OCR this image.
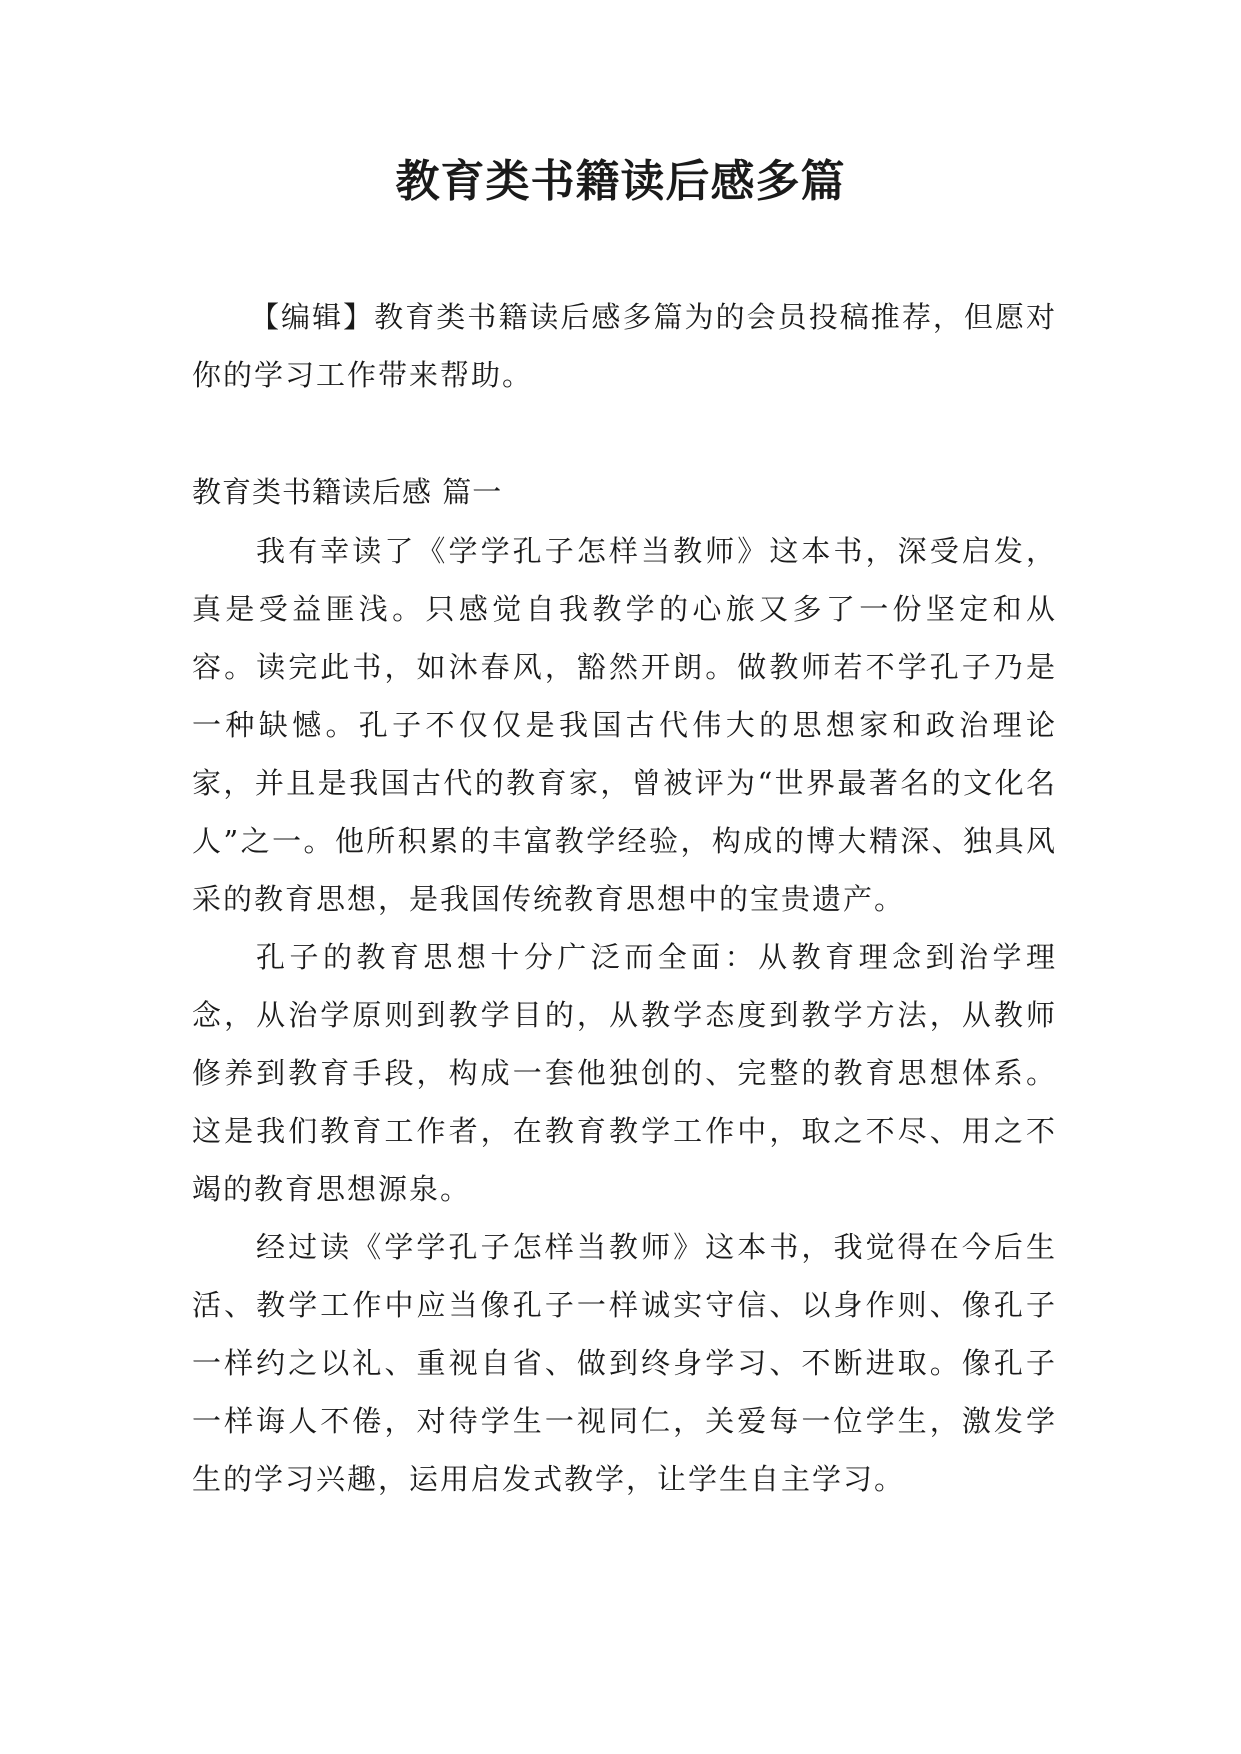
教育类书籍读后感多篇
【编辑】教育类书籍读后感多篇为的会员投稿推荐，但愿对你的学习工作带来帮助。
教育类书籍读后感 篇一

我有幸读了《学学孔子怎样当教师》这本书，深受启发，真是受益匪浅。只感觉自我教学的心旅又多了一份坚定和从容。读完此书，如沐春风，豁然开朗。做教师若不学孔子乃是一种缺憾。孔子不仅仅是我国古代伟大的思想家和政治理论家，并且是我国古代的教育家，曾被评为“世界最著名的文化名人”之一。他所积累的丰富教学经验，构成的博大精深、独具风采的教育思想，是我国传统教育思想中的宝贵遗产。

孔子的教育思想十分广泛而全面：从教育理念到治学理念，从治学原则到教学目的，从教学态度到教学方法，从教师修养到教育手段，构成一套他独创的、完整的教育思想体系。这是我们教育工作者，在教育教学工作中，取之不尽、用之不竭的教育思想源泉。

经过读《学学孔子怎样当教师》这本书，我觉得在今后生活、教学工作中应当像孔子一样诚实守信、以身作则、像孔子一样约之以礼、重视自省、做到终身学习、不断进取。像孔子一样诲人不倦，对待学生一视同仁，关爱每一位学生，激发学生的学习兴趣，运用启发式教学，让学生自主学习。
